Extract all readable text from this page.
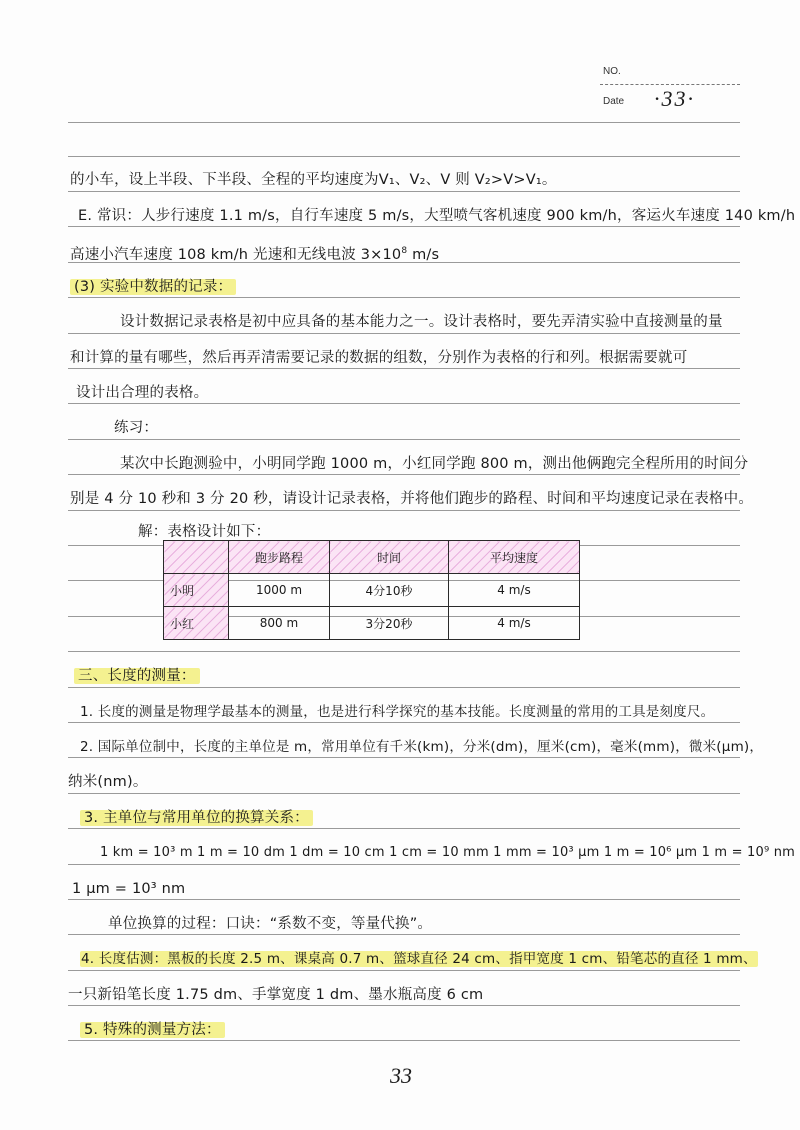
NO.
Date ·33·
的小车，设上半段、下半段、全程的平均速度为V₁、V₂、V 则 V₂>V>V₁。
E. 常识：人步行速度 1.1 m/s，自行车速度 5 m/s，大型喷气客机速度 900 km/h，客运火车速度 140 km/h
高速小汽车速度 108 km/h 光速和无线电波 $3\times 10^8$ m/s
(3) 实验中数据的记录：
设计数据记录表格是初中应具备的基本能力之一。设计表格时，要先弄清实验中直接测量的量
和计算的量有哪些，然后再弄清需要记录的数据的组数，分别作为表格的行和列。根据需要就可
设计出合理的表格。
练习：
某次中长跑测验中，小明同学跑 1000 m，小红同学跑 800 m，测出他俩跑完全程所用的时间分
别是 4 分 10 秒和 3 分 20 秒，请设计记录表格，并将他们跑步的路程、时间和平均速度记录在表格中。
解：表格设计如下：
	跑步路程	时间	平均速度
小明	1000 m	4分10秒	4 m/s
小红	800 m	3分20秒	4 m/s
三、长度的测量：
1. 长度的测量是物理学最基本的测量，也是进行科学探究的基本技能。长度测量的常用的工具是刻度尺。
2. 国际单位制中，长度的主单位是 m，常用单位有千米(km)，分米(dm)，厘米(cm)，毫米(mm)，微米(μm)，
纳米(nm)。
3. 主单位与常用单位的换算关系：
1 km = 10³ m 1 m = 10 dm 1 dm = 10 cm 1 cm = 10 mm 1 mm = 10³ μm 1 m = 10⁶ μm 1 m = 10⁹ nm
1 μm = 10³ nm
单位换算的过程：口诀：“系数不变，等量代换”。
4. 长度估测：黑板的长度 2.5 m、课桌高 0.7 m、篮球直径 24 cm、指甲宽度 1 cm、铅笔芯的直径 1 mm、
一只新铅笔长度 1.75 dm、手掌宽度 1 dm、墨水瓶高度 6 cm
5. 特殊的测量方法：
33
